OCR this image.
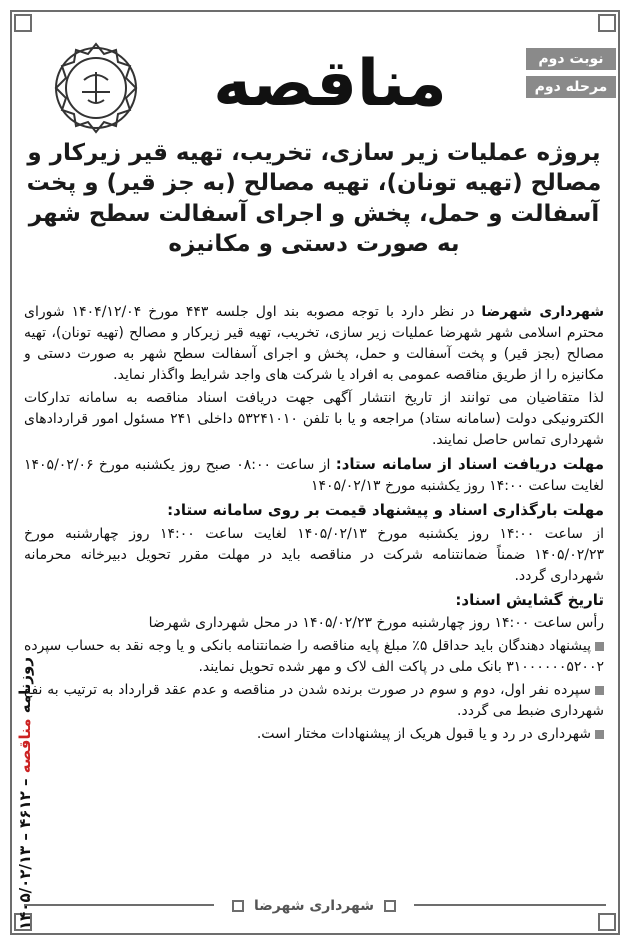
نوبت دوم
مرحله دوم
مناقصه
پروژه عملیات زیر سازی، تخریب، تهیه قیر زیرکار و مصالح (تهیه تونان)، تهیه مصالح (به جز قیر) و پخت آسفالت و حمل، پخش و اجرای آسفالت سطح شهر به صورت دستی و مکانیزه

شهرداری شهرضا در نظر دارد با توجه مصوبه بند اول جلسه ۴۴۳ مورخ ۱۴۰۴/۱۲/۰۴ شورای محترم اسلامی شهر شهرضا عملیات زیر سازی، تخریب، تهیه قیر زیرکار و مصالح (تهیه تونان)، تهیه مصالح (بجز قیر) و پخت آسفالت و حمل، پخش و اجرای آسفالت سطح شهر به صورت دستی و مکانیزه را از طریق مناقصه عمومی به افراد یا شرکت های واجد شرایط واگذار نماید.

لذا متقاضیان می توانند از تاریخ انتشار آگهی جهت دریافت اسناد مناقصه به سامانه تدارکات الکترونیکی دولت (سامانه ستاد) مراجعه و یا با تلفن ۵۳۲۴۱۰۱۰ داخلی ۲۴۱ مسئول امور قراردادهای شهرداری تماس حاصل نمایند.

مهلت دریافت اسناد از سامانه ستاد: از ساعت ۰۸:۰۰ صبح روز یکشنبه مورخ ۱۴۰۵/۰۲/۰۶ لغایت ساعت ۱۴:۰۰ روز یکشنبه مورخ ۱۴۰۵/۰۲/۱۳

مهلت بارگذاری اسناد و پیشنهاد قیمت بر روی سامانه ستاد:

از ساعت ۱۴:۰۰ روز یکشنبه مورخ ۱۴۰۵/۰۲/۱۳ لغایت ساعت ۱۴:۰۰ روز چهارشنبه مورخ ۱۴۰۵/۰۲/۲۳ ضمناً ضمانتنامه شرکت در مناقصه باید در مهلت مقرر تحویل دبیرخانه محرمانه شهرداری گردد.

تاریخ گشایش اسناد:

رأس ساعت ۱۴:۰۰ روز چهارشنبه مورخ ۱۴۰۵/۰۲/۲۳ در محل شهرداری شهرضا

پیشنهاد دهندگان باید حداقل ۵٪ مبلغ پایه مناقصه را ضمانتنامه بانکی و یا وجه نقد به حساب سپرده ۳۱۰۰۰۰۰۰۵۲۰۰۲ بانک ملی در پاکت الف لاک و مهر شده تحویل نمایند.

سپرده نفر اول، دوم و سوم در صورت برنده شدن در مناقصه و عدم عقد قرارداد به ترتیب به نفع شهرداری ضبط می گردد.

شهرداری در رد و یا قبول هریک از پیشنهادات مختار است.

روزنامه مناقصه – ۴۶۱۲ – ۱۴۰۵/۰۲/۱۳
شهرداری شهرضا
